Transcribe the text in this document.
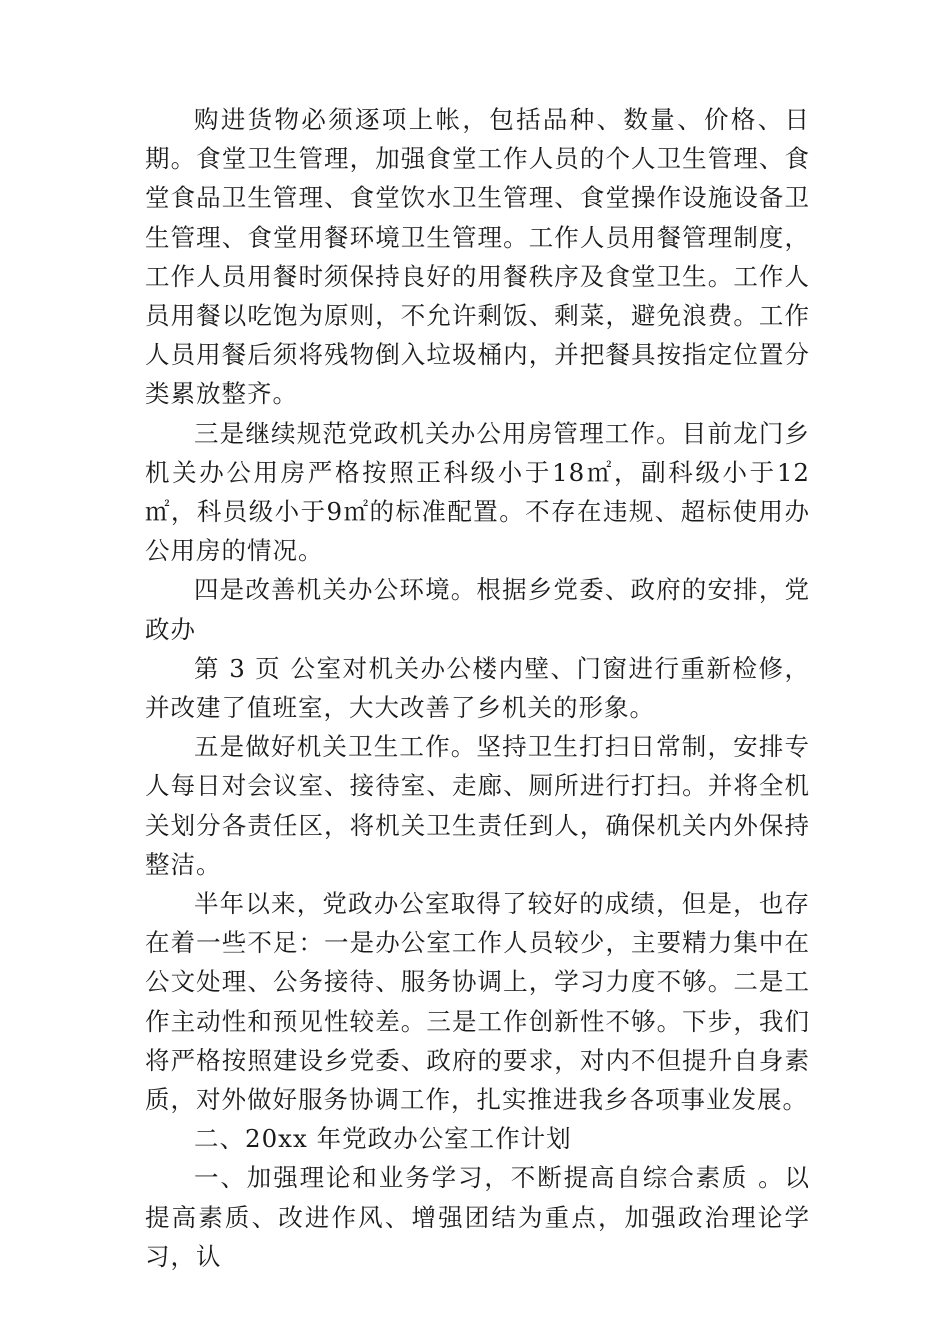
购进货物必须逐项上帐，包括品种、数量、价格、日期。食堂卫生管理，加强食堂工作人员的个人卫生管理、食堂食品卫生管理、食堂饮水卫生管理、食堂操作设施设备卫生管理、食堂用餐环境卫生管理。工作人员用餐管理制度，工作人员用餐时须保持良好的用餐秩序及食堂卫生。工作人员用餐以吃饱为原则，不允许剩饭、剩菜，避免浪费。工作人员用餐后须将残物倒入垃圾桶内，并把餐具按指定位置分类累放整齐。

三是继续规范党政机关办公用房管理工作。目前龙门乡机关办公用房严格按照正科级小于18㎡，副科级小于12㎡，科员级小于9㎡的标准配置。不存在违规、超标使用办公用房的情况。

四是改善机关办公环境。根据乡党委、政府的安排，党政办

第 3 页 公室对机关办公楼内壁、门窗进行重新检修，并改建了值班室，大大改善了乡机关的形象。

五是做好机关卫生工作。坚持卫生打扫日常制，安排专人每日对会议室、接待室、走廊、厕所进行打扫。并将全机关划分各责任区，将机关卫生责任到人，确保机关内外保持整洁。

半年以来，党政办公室取得了较好的成绩，但是，也存在着一些不足：一是办公室工作人员较少，主要精力集中在公文处理、公务接待、服务协调上，学习力度不够。二是工作主动性和预见性较差。三是工作创新性不够。下步，我们将严格按照建设乡党委、政府的要求，对内不但提升自身素质，对外做好服务协调工作，扎实推进我乡各项事业发展。

二、20xx 年党政办公室工作计划

一、加强理论和业务学习，不断提高自综合素质 。以提高素质、改进作风、增强团结为重点，加强政治理论学习，认
